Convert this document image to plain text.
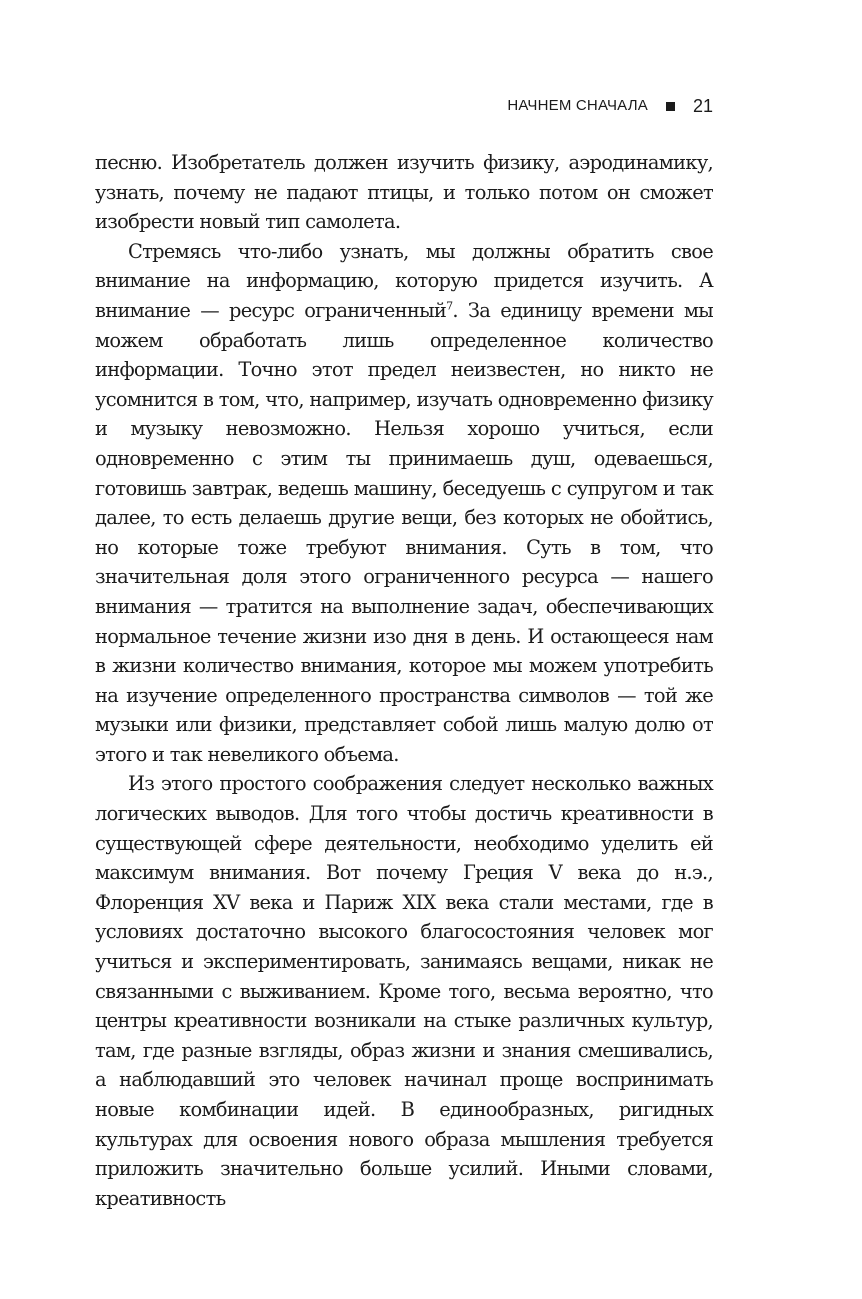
НАЧНЕМ СНАЧАЛА	21

песню. Изобретатель должен изучить физику, аэродинамику, узнать, почему не падают птицы, и только потом он сможет изобрести новый тип самолета.

Стремясь что-либо узнать, мы должны обратить свое внимание на информацию, которую придется изучить. А внимание — ресурс ограниченный$^7$. За единицу времени мы можем обработать лишь определенное количество информации. Точно этот предел неизвестен, но никто не усомнится в том, что, например, изучать одновременно физику и музыку невозможно. Нельзя хорошо учиться, если одновременно с этим ты принимаешь душ, одеваешься, готовишь завтрак, ведешь машину, беседуешь с супругом и так далее, то есть делаешь другие вещи, без которых не обойтись, но которые тоже требуют внимания. Суть в том, что значительная доля этого ограниченного ресурса — нашего внимания — тратится на выполнение задач, обеспечивающих нормальное течение жизни изо дня в день. И остающееся нам в жизни количество внимания, которое мы можем употребить на изучение определенного пространства символов — той же музыки или физики, представляет собой лишь малую долю от этого и так невеликого объема.

Из этого простого соображения следует несколько важных логических выводов. Для того чтобы достичь креативности в существующей сфере деятельности, необходимо уделить ей максимум внимания. Вот почему Греция V века до н.э., Флоренция XV века и Париж XIX века стали местами, где в условиях достаточно высокого благосостояния человек мог учиться и экспериментировать, занимаясь вещами, никак не связанными с выживанием. Кроме того, весьма вероятно, что центры креативности возникали на стыке различных культур, там, где разные взгляды, образ жизни и знания смешивались, а наблюдавший это человек начинал проще воспринимать новые комбинации идей. В единообразных, ригидных культурах для освоения нового образа мышления требуется приложить значительно больше усилий. Иными словами, креативность
